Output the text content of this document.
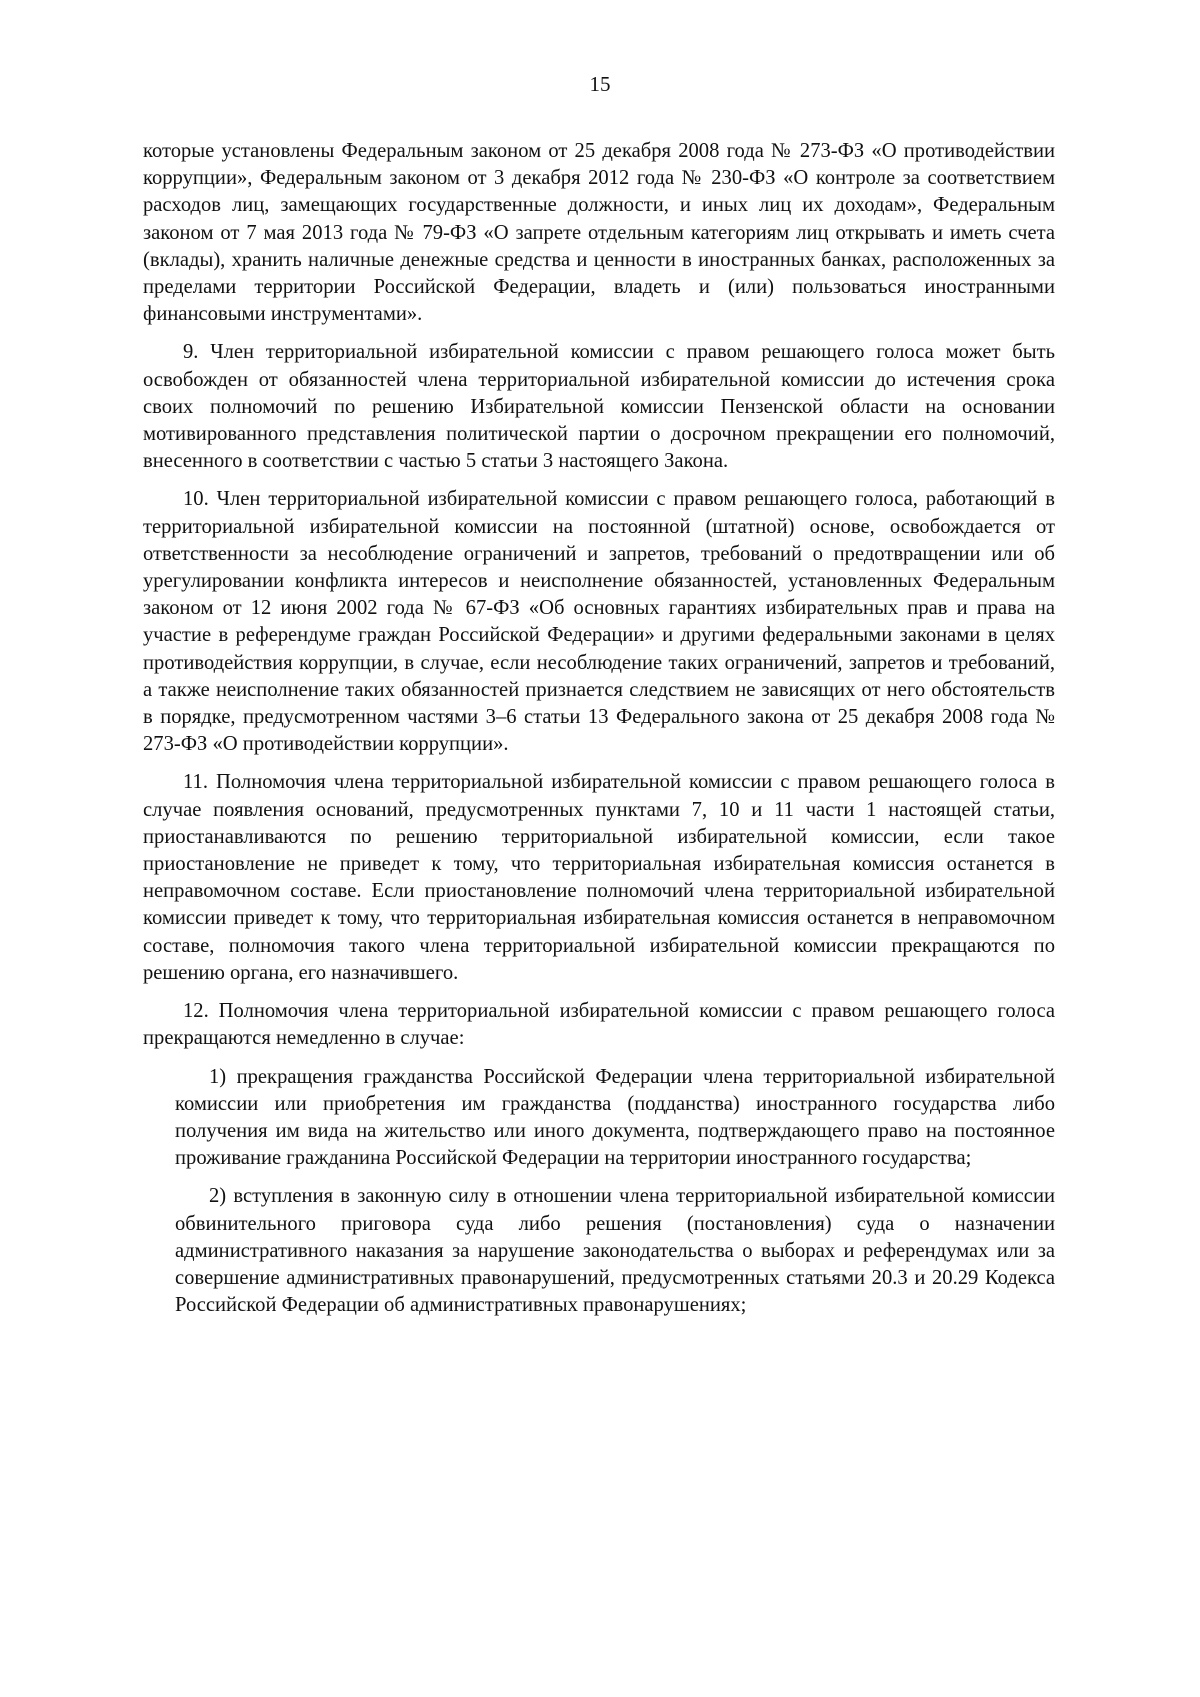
15

которые установлены Федеральным законом от 25 декабря 2008 года № 273-ФЗ «О противодействии коррупции», Федеральным законом от 3 декабря 2012 года № 230-ФЗ «О контроле за соответствием расходов лиц, замещающих государственные должности, и иных лиц их доходам», Федеральным законом от 7 мая 2013 года № 79-ФЗ «О запрете отдельным категориям лиц открывать и иметь счета (вклады), хранить наличные денежные средства и ценности в иностранных банках, расположенных за пределами территории Российской Федерации, владеть и (или) пользоваться иностранными финансовыми инструментами».

9. Член территориальной избирательной комиссии с правом решающего голоса может быть освобожден от обязанностей члена территориальной избирательной комиссии до истечения срока своих полномочий по решению Избирательной комиссии Пензенской области на основании мотивированного представления политической партии о досрочном прекращении его полномочий, внесенного в соответствии с частью 5 статьи 3 настоящего Закона.

10. Член территориальной избирательной комиссии с правом решающего голоса, работающий в территориальной избирательной комиссии на постоянной (штатной) основе, освобождается от ответственности за несоблюдение ограничений и запретов, требований о предотвращении или об урегулировании конфликта интересов и неисполнение обязанностей, установленных Федеральным законом от 12 июня 2002 года № 67-ФЗ «Об основных гарантиях избирательных прав и права на участие в референдуме граждан Российской Федерации» и другими федеральными законами в целях противодействия коррупции, в случае, если несоблюдение таких ограничений, запретов и требований, а также неисполнение таких обязанностей признается следствием не зависящих от него обстоятельств в порядке, предусмотренном частями 3–6 статьи 13 Федерального закона от 25 декабря 2008 года № 273-ФЗ «О противодействии коррупции».

11. Полномочия члена территориальной избирательной комиссии с правом решающего голоса в случае появления оснований, предусмотренных пунктами 7, 10 и 11 части 1 настоящей статьи, приостанавливаются по решению территориальной избирательной комиссии, если такое приостановление не приведет к тому, что территориальная избирательная комиссия останется в неправомочном составе. Если приостановление полномочий члена территориальной избирательной комиссии приведет к тому, что территориальная избирательная комиссия останется в неправомочном составе, полномочия такого члена территориальной избирательной комиссии прекращаются по решению органа, его назначившего.

12. Полномочия члена территориальной избирательной комиссии с правом решающего голоса прекращаются немедленно в случае:

1) прекращения гражданства Российской Федерации члена территориальной избирательной комиссии или приобретения им гражданства (подданства) иностранного государства либо получения им вида на жительство или иного документа, подтверждающего право на постоянное проживание гражданина Российской Федерации на территории иностранного государства;

2) вступления в законную силу в отношении члена территориальной избирательной комиссии обвинительного приговора суда либо решения (постановления) суда о назначении административного наказания за нарушение законодательства о выборах и референдумах или за совершение административных правонарушений, предусмотренных статьями 20.3 и 20.29 Кодекса Российской Федерации об административных правонарушениях;
